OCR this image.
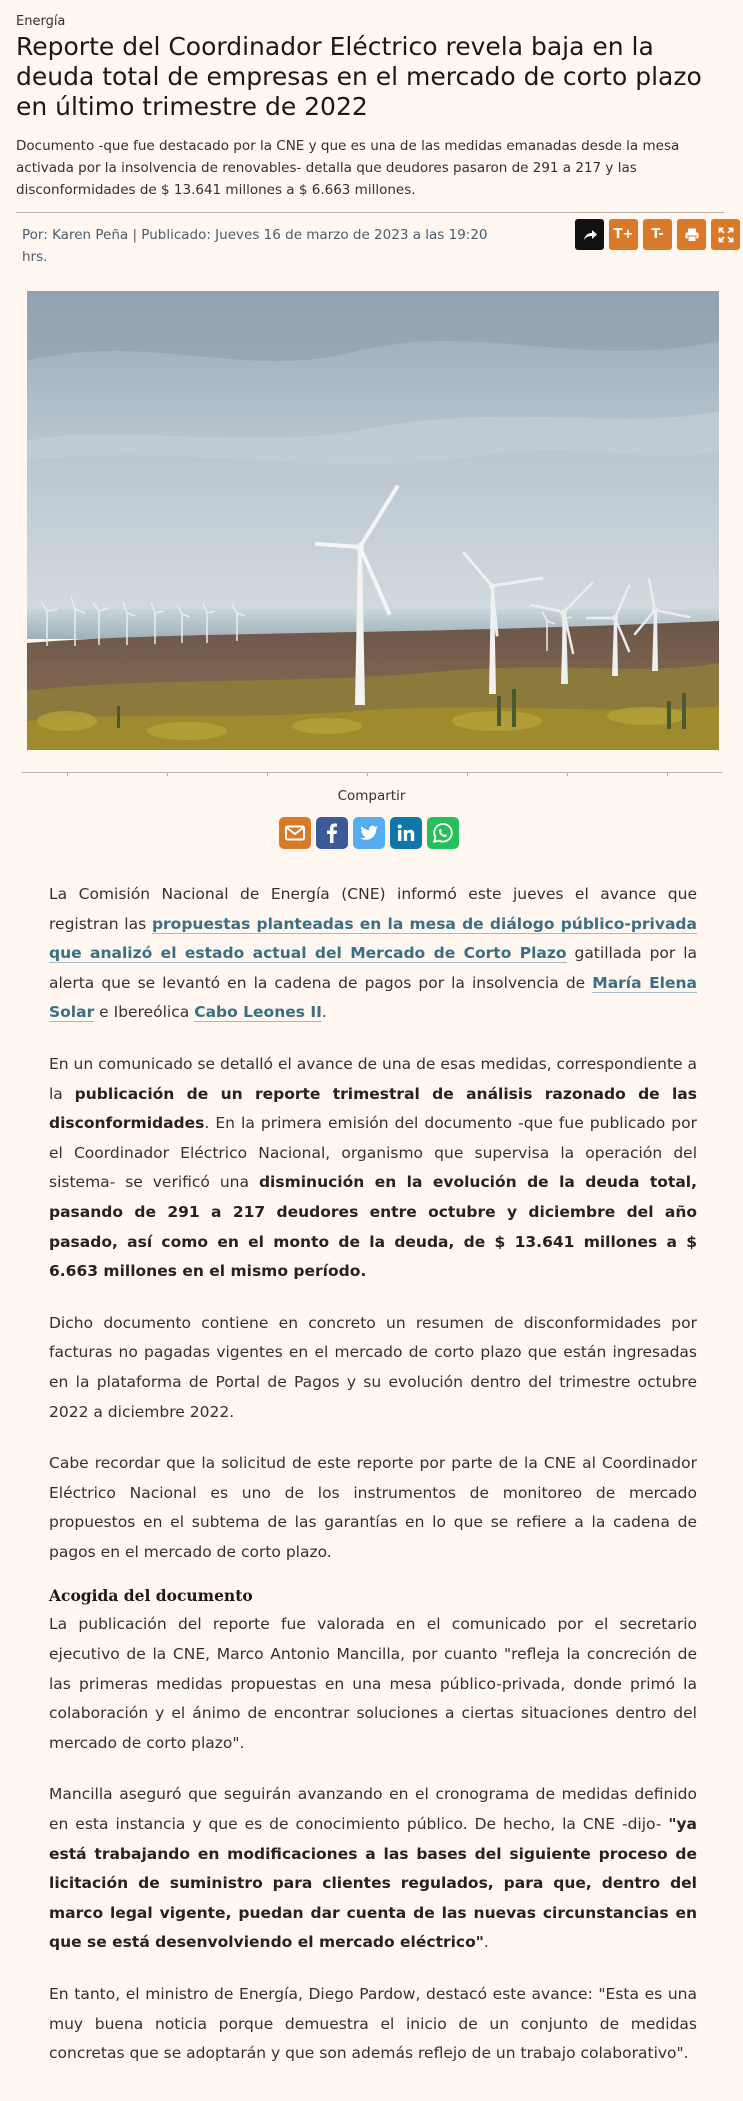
Energía
Reporte del Coordinador Eléctrico revela baja en la deuda total de empresas en el mercado de corto plazo en último trimestre de 2022

Documento -que fue destacado por la CNE y que es una de las medidas emanadas desde la mesa activada por la insolvencia de renovables- detalla que deudores pasaron de 291 a 217 y las disconformidades de $ 13.641 millones a $ 6.663 millones.

Por: Karen Peña | Publicado: Jueves 16 de marzo de 2023 a las 19:20 hrs.
T+	T-
Compartir

La Comisión Nacional de Energía (CNE) informó este jueves el avance que registran las propuestas planteadas en la mesa de diálogo público-privada que analizó el estado actual del Mercado de Corto Plazo gatillada por la alerta que se levantó en la cadena de pagos por la insolvencia de María Elena Solar e Ibereólica Cabo Leones II.

En un comunicado se detalló el avance de una de esas medidas, correspondiente a la publicación de un reporte trimestral de análisis razonado de las disconformidades. En la primera emisión del documento -que fue publicado por el Coordinador Eléctrico Nacional, organismo que supervisa la operación del sistema- se verificó una disminución en la evolución de la deuda total, pasando de 291 a 217 deudores entre octubre y diciembre del año pasado, así como en el monto de la deuda, de $ 13.641 millones a $ 6.663 millones en el mismo período.

Dicho documento contiene en concreto un resumen de disconformidades por facturas no pagadas vigentes en el mercado de corto plazo que están ingresadas en la plataforma de Portal de Pagos y su evolución dentro del trimestre octubre 2022 a diciembre 2022.

Cabe recordar que la solicitud de este reporte por parte de la CNE al Coordinador Eléctrico Nacional es uno de los instrumentos de monitoreo de mercado propuestos en el subtema de las garantías en lo que se refiere a la cadena de pagos en el mercado de corto plazo.

Acogida del documento

La publicación del reporte fue valorada en el comunicado por el secretario ejecutivo de la CNE, Marco Antonio Mancilla, por cuanto "refleja la concreción de las primeras medidas propuestas en una mesa público-privada, donde primó la colaboración y el ánimo de encontrar soluciones a ciertas situaciones dentro del mercado de corto plazo".

Mancilla aseguró que seguirán avanzando en el cronograma de medidas definido en esta instancia y que es de conocimiento público. De hecho, la CNE -dijo- "ya está trabajando en modificaciones a las bases del siguiente proceso de licitación de suministro para clientes regulados, para que, dentro del marco legal vigente, puedan dar cuenta de las nuevas circunstancias en que se está desenvolviendo el mercado eléctrico".

En tanto, el ministro de Energía, Diego Pardow, destacó este avance: "Esta es una muy buena noticia porque demuestra el inicio de un conjunto de medidas concretas que se adoptarán y que son además reflejo de un trabajo colaborativo".
